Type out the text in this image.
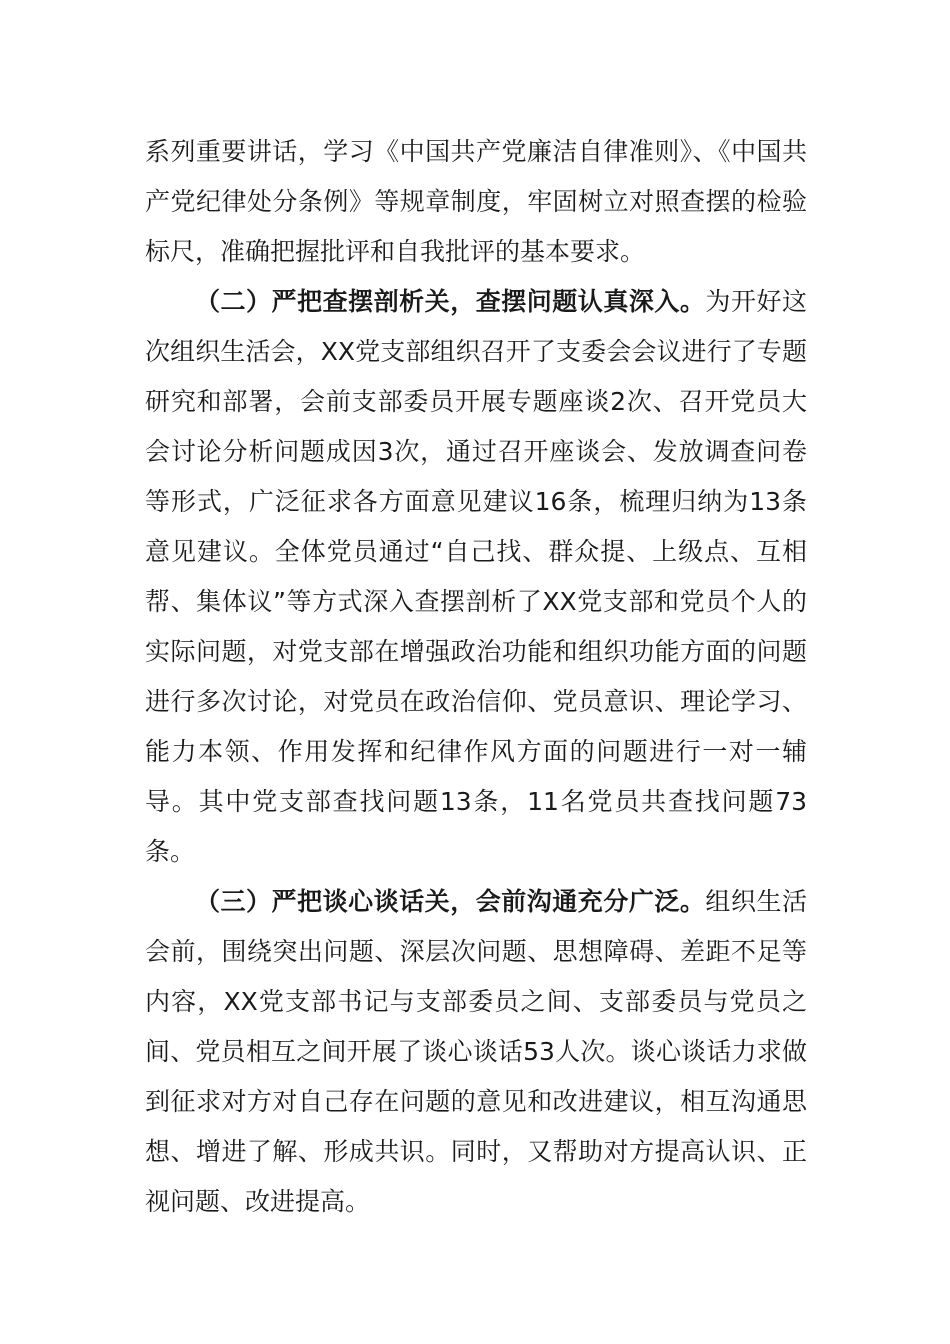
系列重要讲话，学习《中国共产党廉洁自律准则》、《中国共产党纪律处分条例》等规章制度，牢固树立对照查摆的检验标尺，准确把握批评和自我批评的基本要求。

（二）严把查摆剖析关，查摆问题认真深入。为开好这次组织生活会，XX党支部组织召开了支委会会议进行了专题研究和部署，会前支部委员开展专题座谈2次、召开党员大会讨论分析问题成因3次，通过召开座谈会、发放调查问卷等形式，广泛征求各方面意见建议16条，梳理归纳为13条意见建议。全体党员通过“自己找、群众提、上级点、互相帮、集体议”等方式深入查摆剖析了XX党支部和党员个人的实际问题，对党支部在增强政治功能和组织功能方面的问题进行多次讨论，对党员在政治信仰、党员意识、理论学习、能力本领、作用发挥和纪律作风方面的问题进行一对一辅导。其中党支部查找问题13条，11名党员共查找问题73条。

（三）严把谈心谈话关，会前沟通充分广泛。组织生活会前，围绕突出问题、深层次问题、思想障碍、差距不足等内容，XX党支部书记与支部委员之间、支部委员与党员之间、党员相互之间开展了谈心谈话53人次。谈心谈话力求做到征求对方对自己存在问题的意见和改进建议，相互沟通思想、增进了解、形成共识。同时，又帮助对方提高认识、正视问题、改进提高。
